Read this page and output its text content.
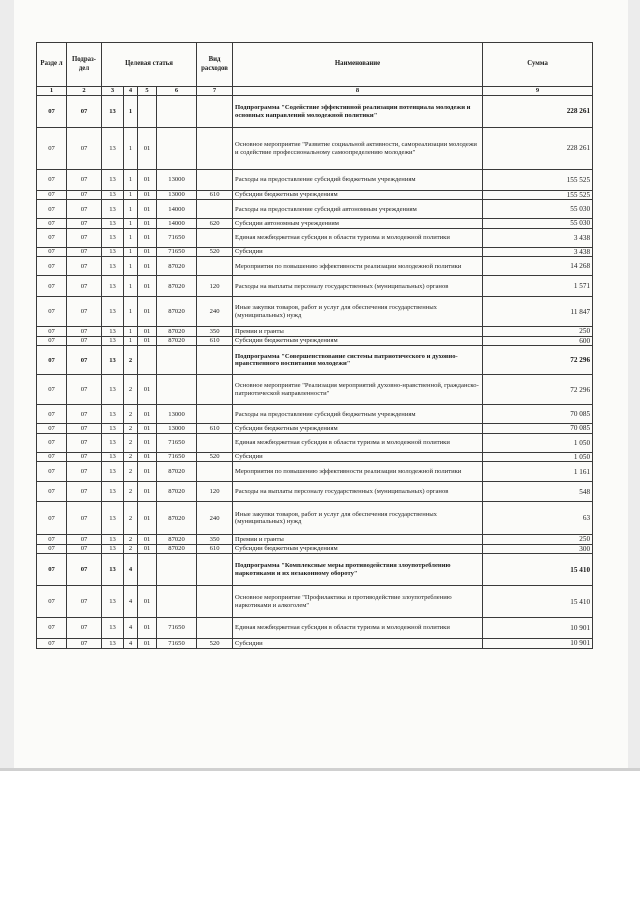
Разде л	Подраз- дел	Целевая статья				Вид расходов	Наименование	Сумма
1	2	3	4	5	6	7	8	9
07	07	13	1				Подпрограмма "Содействие эффективной реализации потенциала молодежи и основных направлений молодежной политики"	228 261
07	07	13	1	01			Основное мероприятие "Развитие социальной активности, самореализации молодежи и содействие профессиональному самоопределению молодежи"	228 261
07	07	13	1	01	13000		Расходы на предоставление субсидий бюджетным учреждениям	155 525
07	07	13	1	01	13000	610	Субсидии бюджетным учреждениям	155 525
07	07	13	1	01	14000		Расходы на предоставление субсидий автономным учреждениям	55 030
07	07	13	1	01	14000	620	Субсидии автономным учреждениям	55 030
07	07	13	1	01	71650		Единая межбюджетная субсидия в области туризма и молодежной политики	3 438
07	07	13	1	01	71650	520	Субсидии	3 438
07	07	13	1	01	87020		Мероприятия по повышению эффективности реализации молодежной политики	14 268
07	07	13	1	01	87020	120	Расходы на выплаты персоналу государственных (муниципальных) органов	1 571
07	07	13	1	01	87020	240	Иные закупки товаров, работ и услуг для обеспечения государственных (муниципальных) нужд	11 847
07	07	13	1	01	87020	350	Премии и гранты	250
07	07	13	1	01	87020	610	Субсидии бюджетным учреждениям	600
07	07	13	2				Подпрограмма "Совершенствование системы патриотического и духовно-нравственного воспитания молодежи"	72 296
07	07	13	2	01			Основное мероприятие "Реализация мероприятий духовно-нравственной, гражданско-патриотической направленности"	72 296
07	07	13	2	01	13000		Расходы на предоставление субсидий бюджетным учреждениям	70 085
07	07	13	2	01	13000	610	Субсидии бюджетным учреждениям	70 085
07	07	13	2	01	71650		Единая межбюджетная субсидия в области туризма и молодежной политики	1 050
07	07	13	2	01	71650	520	Субсидии	1 050
07	07	13	2	01	87020		Мероприятия по повышению эффективности реализации молодежной политики	1 161
07	07	13	2	01	87020	120	Расходы на выплаты персоналу государственных (муниципальных) органов	548
07	07	13	2	01	87020	240	Иные закупки товаров, работ и услуг для обеспечения государственных (муниципальных) нужд	63
07	07	13	2	01	87020	350	Премии и гранты	250
07	07	13	2	01	87020	610	Субсидии бюджетным учреждениям	300
07	07	13	4				Подпрограмма "Комплексные меры противодействия злоупотреблению наркотиками и их незаконному обороту"	15 410
07	07	13	4	01			Основное мероприятие "Профилактика и противодействие злоупотреблению наркотиками и алкоголем"	15 410
07	07	13	4	01	71650		Единая межбюджетная субсидия в области туризма и молодежной политики	10 901
07	07	13	4	01	71650	520	Субсидии	10 901
